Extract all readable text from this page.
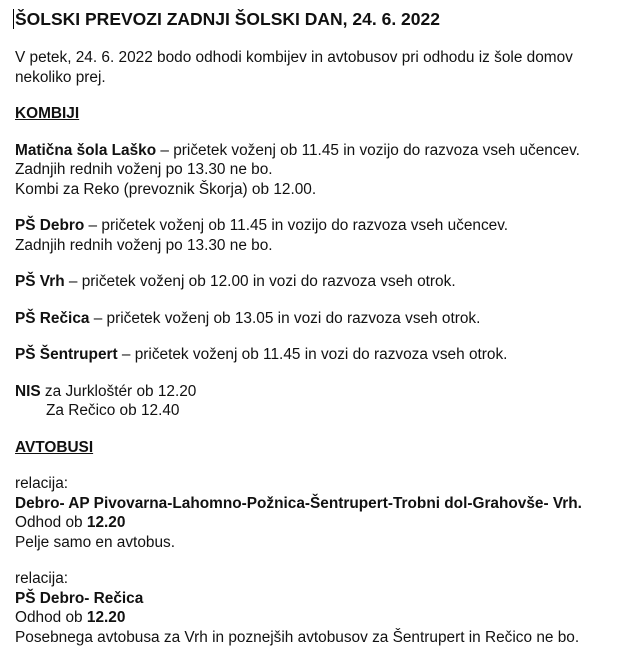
ŠOLSKI PREVOZI ZADNJI ŠOLSKI DAN, 24. 6. 2022

V petek, 24. 6. 2022 bodo odhodi kombijev in avtobusov pri odhodu iz šole domov
nekoliko prej.

KOMBIJI

Matična šola Laško – pričetek voženj ob 11.45 in vozijo do razvoza vseh učencev.
Zadnjih rednih voženj po 13.30 ne bo.
Kombi za Reko (prevoznik Škorja) ob 12.00.

PŠ Debro – pričetek voženj ob 11.45 in vozijo do razvoza vseh učencev.
Zadnjih rednih voženj po 13.30 ne bo.

PŠ Vrh – pričetek voženj ob 12.00 in vozi do razvoza vseh otrok.

PŠ Rečica – pričetek voženj ob 13.05 in vozi do razvoza vseh otrok.

PŠ Šentrupert – pričetek voženj ob 11.45 in vozi do razvoza vseh otrok.

NIS za Jurkloštér ob 12.20
Za Rečico ob 12.40

AVTOBUSI

relacija:
Debro- AP Pivovarna-Lahomno-Požnica-Šentrupert-Trobni dol-Grahovše- Vrh.
Odhod ob 12.20
Pelje samo en avtobus.

relacija:
PŠ Debro- Rečica
Odhod ob 12.20
Posebnega avtobusa za Vrh in poznejših avtobusov za Šentrupert in Rečico ne bo.
